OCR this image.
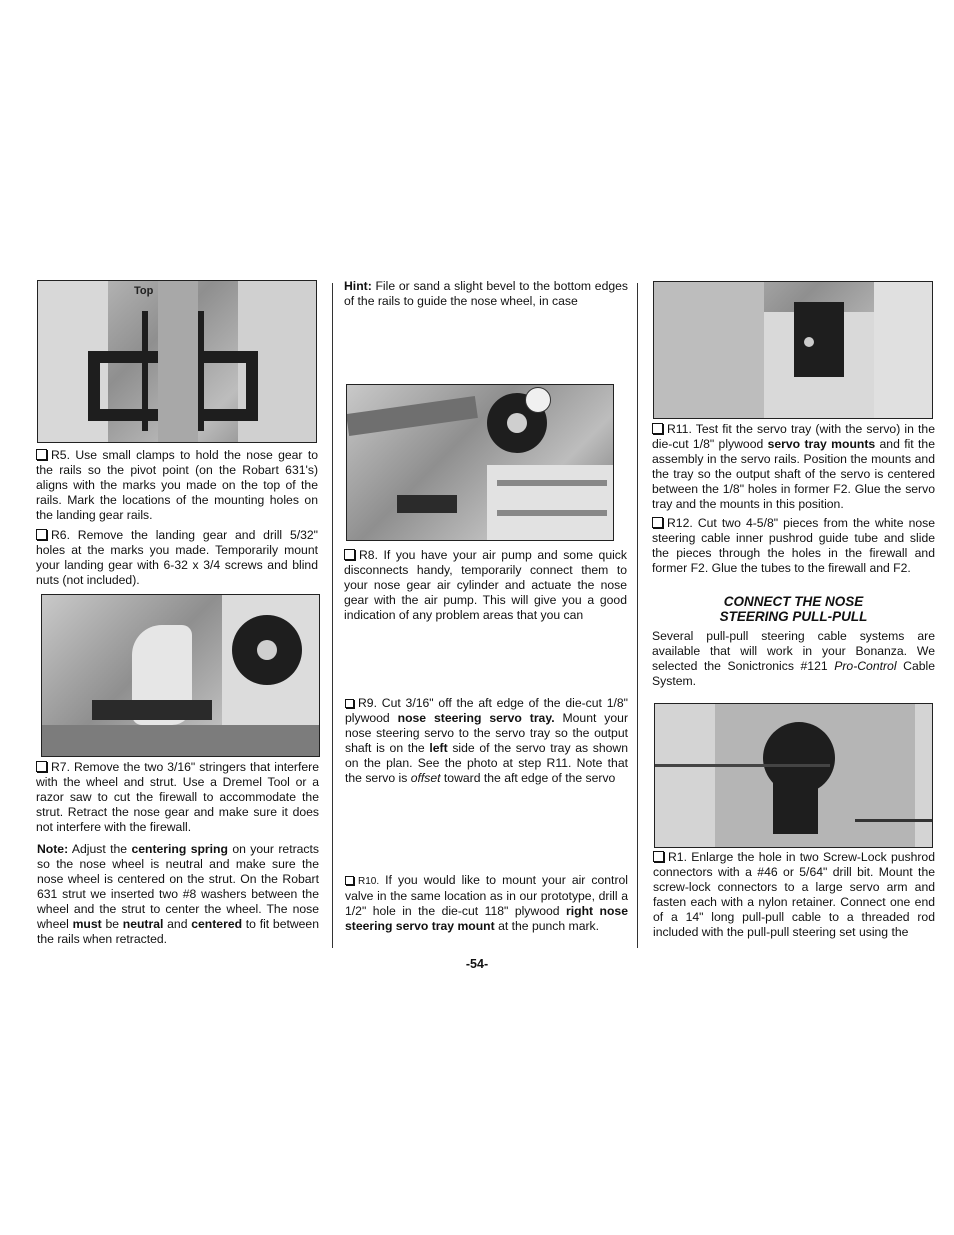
Top

R5. Use small clamps to hold the nose gear to the rails so the pivot point (on the Robart 631's) aligns with the marks you made on the top of the rails. Mark the locations of the mounting holes on the landing gear rails.

R6. Remove the landing gear and drill 5/32" holes at the marks you made. Temporarily mount your landing gear with 6-32 x 3/4 screws and blind nuts (not included).

R7. Remove the two 3/16" stringers that interfere with the wheel and strut. Use a Dremel Tool or a razor saw to cut the firewall to accommodate the strut. Retract the nose gear and make sure it does not interfere with the firewall.

Note: Adjust the centering spring on your retracts so the nose wheel is neutral and make sure the nose wheel is centered on the strut. On the Robart 631 strut we inserted two #8 washers between the wheel and the strut to center the wheel. The nose wheel must be neutral and centered to fit between the rails when retracted.

Hint: File or sand a slight bevel to the bottom edges of the rails to guide the nose wheel, in case

R8. If you have your air pump and some quick disconnects handy, temporarily connect them to your nose gear air cylinder and actuate the nose gear with the air pump. This will give you a good indication of any problem areas that you can

R9. Cut 3/16" off the aft edge of the die-cut 1/8" plywood nose steering servo tray. Mount your nose steering servo to the servo tray so the output shaft is on the left side of the servo tray as shown on the plan. See the photo at step R11. Note that the servo is offset toward the aft edge of the servo

R10. If you would like to mount your air control valve in the same location as in our prototype, drill a 1/2" hole in the die-cut 118" plywood right nose steering servo tray mount at the punch mark.

R11. Test fit the servo tray (with the servo) in the die-cut 1/8" plywood servo tray mounts and fit the assembly in the servo rails. Position the mounts and the tray so the output shaft of the servo is centered between the 1/8" holes in former F2. Glue the servo tray and the mounts in this position.

R12. Cut two 4-5/8" pieces from the white nose steering cable inner pushrod guide tube and slide the pieces through the holes in the firewall and former F2. Glue the tubes to the firewall and F2.

CONNECT THE NOSE
STEERING PULL-PULL

Several pull-pull steering cable systems are available that will work in your Bonanza. We selected the Sonictronics #121 Pro-Control Cable System.

R1. Enlarge the hole in two Screw-Lock pushrod connectors with a #46 or 5/64" drill bit. Mount the screw-lock connectors to a large servo arm and fasten each with a nylon retainer. Connect one end of a 14" long pull-pull cable to a threaded rod included with the pull-pull steering set using the

-54-
